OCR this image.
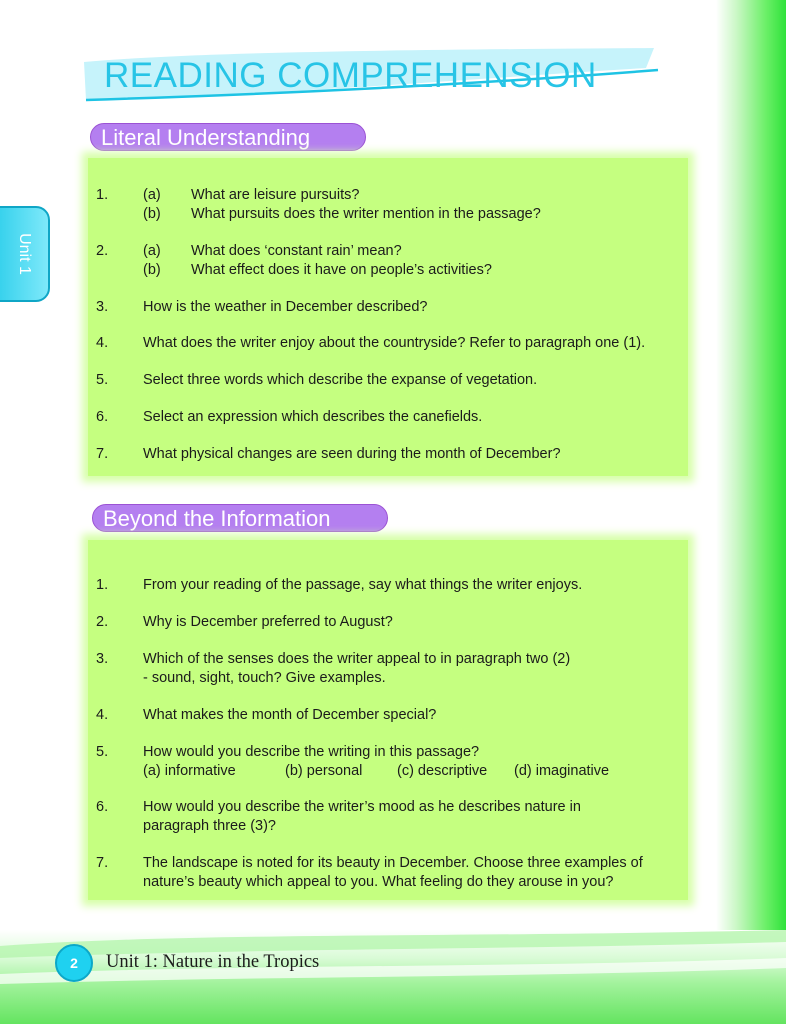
READING COMPREHENSION
Unit 1
Literal Understanding
1. (a) What are leisure pursuits?
(b) What pursuits does the writer mention in the passage?
2. (a) What does ‘constant rain’ mean?
(b) What effect does it have on people’s activities?
3. How is the weather in December described?
4. What does the writer enjoy about the countryside? Refer to paragraph one (1).
5. Select three words which describe the expanse of vegetation.
6. Select an expression which describes the canefields.
7. What physical changes are seen during the month of December?
Beyond the Information
1. From your reading of the passage, say what things the writer enjoys.
2. Why is December preferred to August?
3. Which of the senses does the writer appeal to in paragraph two (2)
- sound, sight, touch? Give examples.
4. What makes the month of December special?
5. How would you describe the writing in this passage?
(a) informative	(b) personal (c) descriptive (d) imaginative
6. How would you describe the writer’s mood as he describes nature in
paragraph three (3)?
7. The landscape is noted for its beauty in December. Choose three examples of
nature’s beauty which appeal to you. What feeling do they arouse in you?
2	Unit 1: Nature in the Tropics
